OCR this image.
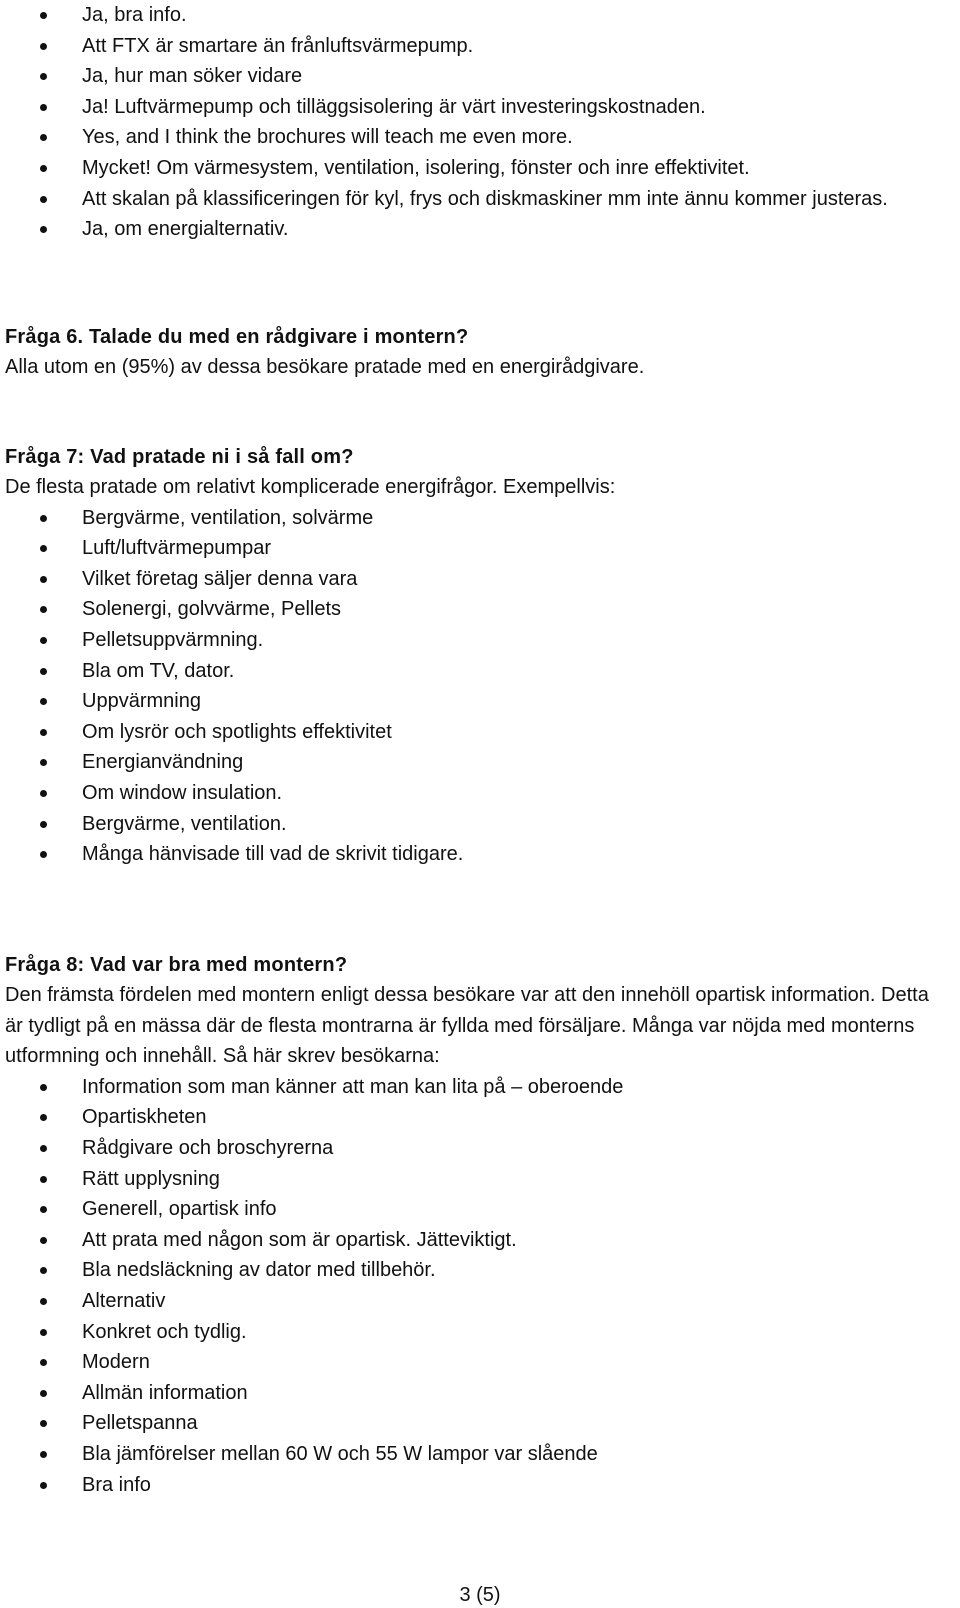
Ja, bra info.
Att FTX är smartare än frånluftsvärmepump.
Ja, hur man söker vidare
Ja! Luftvärmepump och tilläggsisolering är värt investeringskostnaden.
Yes, and I think the brochures will teach me even more.
Mycket! Om värmesystem, ventilation, isolering, fönster och inre effektivitet.
Att skalan på klassificeringen för kyl, frys och diskmaskiner mm inte ännu kommer justeras.
Ja, om energialternativ.
Fråga 6. Talade du med en rådgivare i montern?
Alla utom en (95%) av dessa besökare pratade med en energirådgivare.
Fråga 7: Vad pratade ni i så fall om?
De flesta pratade om relativt komplicerade energifrågor. Exempellvis:
Bergvärme, ventilation, solvärme
Luft/luftvärmepumpar
Vilket företag säljer denna vara
Solenergi, golvvärme, Pellets
Pelletsuppvärmning.
Bla om TV, dator.
Uppvärmning
Om lysrör och spotlights effektivitet
Energianvändning
Om window insulation.
Bergvärme, ventilation.
Många hänvisade till vad de skrivit tidigare.
Fråga 8: Vad var bra med montern?
Den främsta fördelen med montern enligt dessa besökare var att den innehöll opartisk information. Detta är tydligt på en mässa där de flesta montrarna är fyllda med försäljare. Många var nöjda med monterns utformning och innehåll. Så här skrev besökarna:
Information som man känner att man kan lita på – oberoende
Opartiskheten
Rådgivare och broschyrerna
Rätt upplysning
Generell, opartisk info
Att prata med någon som är opartisk. Jätteviktigt.
Bla nedsläckning av dator med tillbehör.
Alternativ
Konkret och tydlig.
Modern
Allmän information
Pelletspanna
Bla jämförelser mellan 60 W och 55 W lampor var slående
Bra info
3 (5)
